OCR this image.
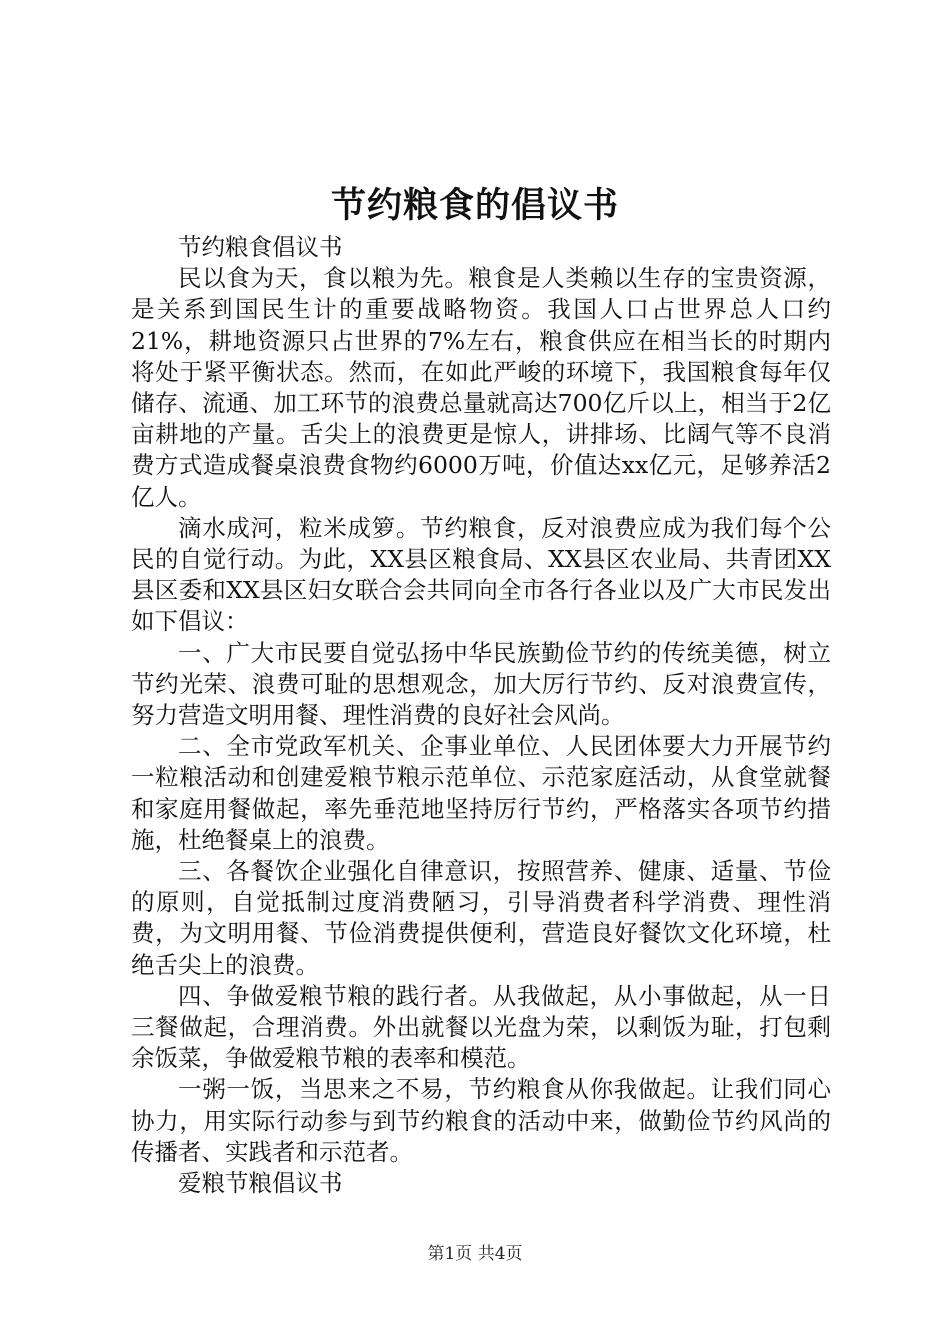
节约粮食的倡议书

节约粮食倡议书

民以食为天，食以粮为先。粮食是人类赖以生存的宝贵资源，是关系到国民生计的重要战略物资。我国人口占世界总人口约21%，耕地资源只占世界的7%左右，粮食供应在相当长的时期内将处于紧平衡状态。然而，在如此严峻的环境下，我国粮食每年仅储存、流通、加工环节的浪费总量就高达700亿斤以上，相当于2亿亩耕地的产量。舌尖上的浪费更是惊人，讲排场、比阔气等不良消费方式造成餐桌浪费食物约6000万吨，价值达xx亿元，足够养活2亿人。

滴水成河，粒米成箩。节约粮食，反对浪费应成为我们每个公民的自觉行动。为此，XX县区粮食局、XX县区农业局、共青团XX县区委和XX县区妇女联合会共同向全市各行各业以及广大市民发出如下倡议：

一、广大市民要自觉弘扬中华民族勤俭节约的传统美德，树立节约光荣、浪费可耻的思想观念，加大厉行节约、反对浪费宣传，努力营造文明用餐、理性消费的良好社会风尚。

二、全市党政军机关、企事业单位、人民团体要大力开展节约一粒粮活动和创建爱粮节粮示范单位、示范家庭活动，从食堂就餐和家庭用餐做起，率先垂范地坚持厉行节约，严格落实各项节约措施，杜绝餐桌上的浪费。

三、各餐饮企业强化自律意识，按照营养、健康、适量、节俭的原则，自觉抵制过度消费陋习，引导消费者科学消费、理性消费，为文明用餐、节俭消费提供便利，营造良好餐饮文化环境，杜绝舌尖上的浪费。

四、争做爱粮节粮的践行者。从我做起，从小事做起，从一日三餐做起，合理消费。外出就餐以光盘为荣，以剩饭为耻，打包剩余饭菜，争做爱粮节粮的表率和模范。

一粥一饭，当思来之不易，节约粮食从你我做起。让我们同心协力，用实际行动参与到节约粮食的活动中来，做勤俭节约风尚的传播者、实践者和示范者。

爱粮节粮倡议书

第1页 共4页
